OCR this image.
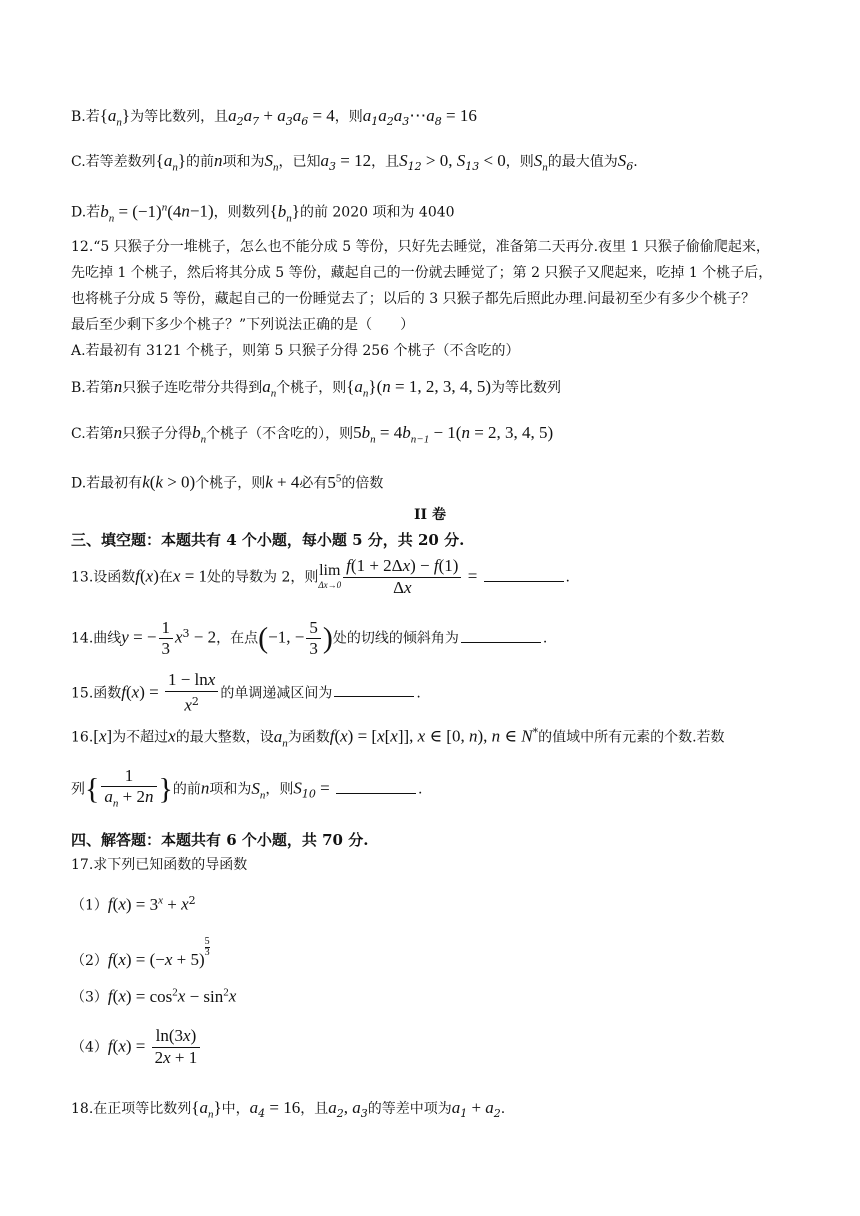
B.若$\{a_n\}$为等比数列，且$a_2a_7 + a_3a_6 = 4$，则$a_1a_2a_3\cdots a_8 = 16$
C.若等差数列$\{a_n\}$的前n项和为$S_n$，已知$a_3 = 12$，且$S_{12} > 0$, $S_{13} < 0$，则$S_n$的最大值为$S_6$.
D.若$b_n = (-1)^n(4n-1)$，则数列$\{b_n\}$的前 2020 项和为 4040
12.“5 只猴子分一堆桃子，怎么也不能分成 5 等份，只好先去睡觉，准备第二天再分.夜里 1 只猴子偷偷爬起来，
先吃掉 1 个桃子，然后将其分成 5 等份，藏起自己的一份就去睡觉了；第 2 只猴子又爬起来，吃掉 1 个桃子后，
也将桃子分成 5 等份，藏起自己的一份睡觉去了；以后的 3 只猴子都先后照此办理.问最初至少有多少个桃子？
最后至少剩下多少个桃子？”下列说法正确的是（　　）
A.若最初有 3121 个桃子，则第 5 只猴子分得 256 个桃子（不含吃的）
B.若第n只猴子连吃带分共得到$a_n$个桃子，则$\{a_n\}(n = 1$, 2, 3, 4, 5)为等比数列
C.若第n只猴子分得$b_n$个桃子（不含吃的），则$5b_n = 4b_{n-1} - 1(n = 2$, 3, 4, 5)
D.若最初有k(k > 0)个桃子，则k + 4必有$5^5$的倍数
II 卷
三、填空题：本题共有 4 个小题，每小题 5 分，共 20 分.
13.设函数f(x)在x = 1处的导数为 2，则 lim
$\Delta x\to 0 \frac{f(1 + 2\Delta x) - f(1)}{\Delta x}$ =	.
14.曲线y = − $\frac{1}{3} x^3 - 2$，在点(−1, − $\frac{5}{3}$ )处的切线的倾斜角为	.
15.函数$f(x) = \frac{1 - \ln x}{x^2}$ 的单调递减区间为	.
16.[x]为不超过x的最大整数，设$a_n$为函数f(x) = [x[x]], x ∈ [0, n), n ∈ N*的值域中所有元素的个数.若数
列{ $\frac{1}{a_n + 2n}$ }的前n项和为$S_n$，则$S_{10}$ =	.
四、解答题：本题共有 6 个小题，共 70 分.
17.求下列已知函数的导函数
$(1)f(x) = 3^x + x^2$
（2）f(x) = (−x + 5)
$\frac{5}{3}$
$(3)f(x) = \cos^2x - \sin^2x$
$(4)f(x) = \frac{\ln(3x)}{2x + 1}$
18.在正项等比数列$\{a_n\}$中，$a_4 = 16$，且$a_2$, $a_3$的等差中项为$a_1 + a_2$.
